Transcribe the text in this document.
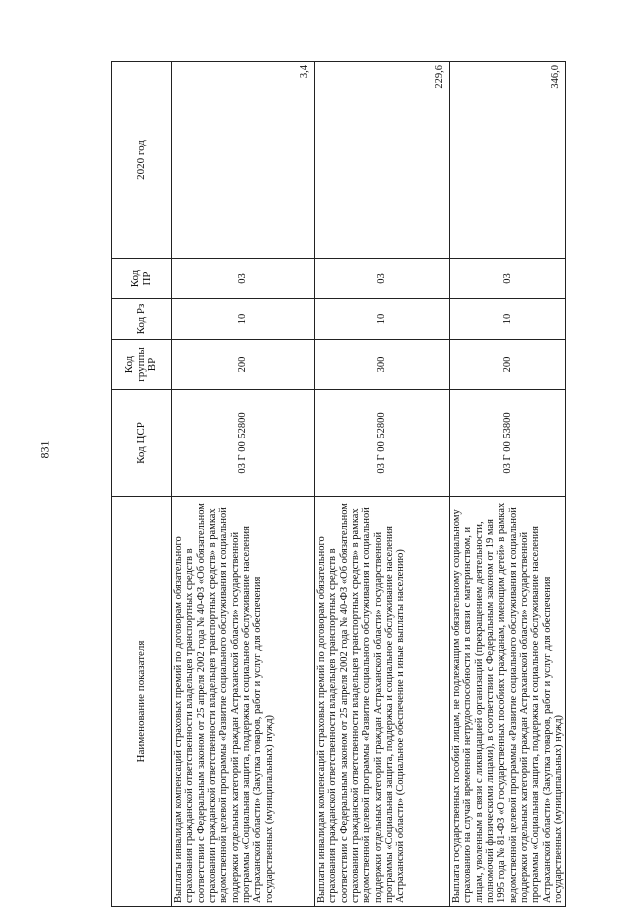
831
Наименование показателя	Код ЦСР	Код группы ВР	Код Рз	Код ПР	2020 год
Выплаты инвалидам компенсаций страховых премий по договорам обязательного страхования гражданской ответственности владельцев транспортных средств в соответствии с Федеральным законом от 25 апреля 2002 года № 40-ФЗ «Об обязательном страховании гражданской ответственности владельцев транспортных средств» в рамках ведомственной целевой программы «Развитие социального обслуживания и социальной поддержки отдельных категорий граждан Астраханской области» государственной программы «Социальная защита, поддержка и социальное обслуживание населения Астраханской области» (Закупка товаров, работ и услуг для обеспечения государственных (муниципальных) нужд)	03 Г 00 52800	200	10	03	3,4
Выплаты инвалидам компенсаций страховых премий по договорам обязательного страхования гражданской ответственности владельцев транспортных средств в соответствии с Федеральным законом от 25 апреля 2002 года № 40-ФЗ «Об обязательном страховании гражданской ответственности владельцев транспортных средств» в рамках ведомственной целевой программы «Развитие социального обслуживания и социальной поддержки отдельных категорий граждан Астраханской области» государственной программы «Социальная защита, поддержка и социальное обслуживание населения Астраханской области» (Социальное обеспечение и иные выплаты населению)	03 Г 00 52800	300	10	03	229,6
Выплата государственных пособий лицам, не подлежащим обязательному социальному страхованию на случай временной нетрудоспособности и в связи с материнством, и лицам, уволенным в связи с ликвидацией организаций (прекращением деятельности, полномочий физическими лицами), в соответствии с Федеральным законом от 19 мая 1995 года № 81-ФЗ «О государственных пособиях гражданам, имеющим детей» в рамках ведомственной целевой программы «Развитие социального обслуживания и социальной поддержки отдельных категорий граждан Астраханской области» государственной программы «Социальная защита, поддержка и социальное обслуживание населения Астраханской области» (Закупка товаров, работ и услуг для обеспечения государственных (муниципальных) нужд)	03 Г 00 53800	200	10	03	346,0
